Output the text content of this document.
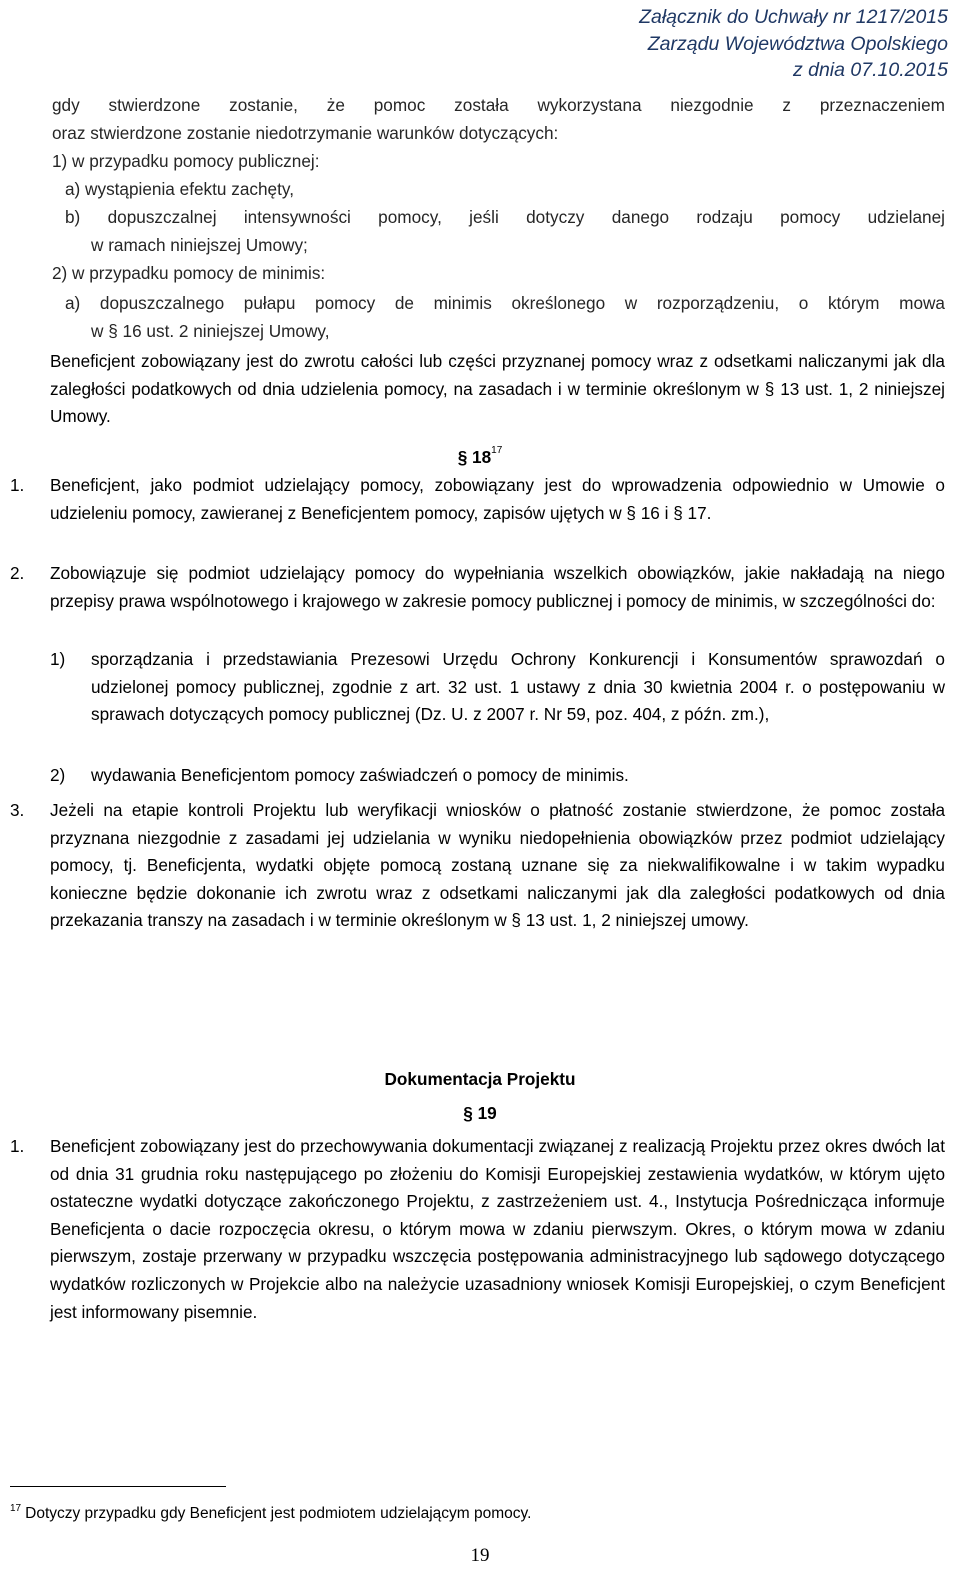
Załącznik do Uchwały nr 1217/2015
Zarządu Województwa Opolskiego
z dnia 07.10.2015
gdy stwierdzone zostanie, że pomoc została wykorzystana niezgodnie z przeznaczeniem
oraz stwierdzone zostanie niedotrzymanie warunków dotyczących:
1) w przypadku pomocy publicznej:
a) wystąpienia efektu zachęty,
b) dopuszczalnej intensywności pomocy, jeśli dotyczy danego rodzaju pomocy udzielanej
w ramach niniejszej Umowy;
2) w przypadku pomocy de minimis:
a) dopuszczalnego pułapu pomocy de minimis określonego w rozporządzeniu, o którym mowa
w § 16 ust. 2 niniejszej Umowy,
Beneficjent zobowiązany jest do zwrotu całości lub części przyznanej pomocy wraz z odsetkami naliczanymi jak dla zaległości podatkowych od dnia udzielenia pomocy, na zasadach i w terminie określonym w § 13 ust. 1, 2 niniejszej Umowy.
§ 18$^{17}$
1. Beneficjent, jako podmiot udzielający pomocy, zobowiązany jest do wprowadzenia odpowiednio w Umowie o udzieleniu pomocy, zawieranej z Beneficjentem pomocy, zapisów ujętych w § 16 i § 17.
2. Zobowiązuje się podmiot udzielający pomocy do wypełniania wszelkich obowiązków, jakie nakładają na niego przepisy prawa wspólnotowego i krajowego w zakresie pomocy publicznej i pomocy de minimis, w szczególności do:
1) sporządzania i przedstawiania Prezesowi Urzędu Ochrony Konkurencji i Konsumentów sprawozdań o udzielonej pomocy publicznej, zgodnie z art. 32 ust. 1 ustawy z dnia 30 kwietnia 2004 r. o postępowaniu w sprawach dotyczących pomocy publicznej (Dz. U. z 2007 r. Nr 59, poz. 404, z późn. zm.),
2) wydawania Beneficjentom pomocy zaświadczeń o pomocy de minimis.
3. Jeżeli na etapie kontroli Projektu lub weryfikacji wniosków o płatność zostanie stwierdzone, że pomoc została przyznana niezgodnie z zasadami jej udzielania w wyniku niedopełnienia obowiązków przez podmiot udzielający pomocy, tj. Beneficjenta, wydatki objęte pomocą zostaną uznane się za niekwalifikowalne i w takim wypadku konieczne będzie dokonanie ich zwrotu wraz z odsetkami naliczanymi jak dla zaległości podatkowych od dnia przekazania transzy na zasadach i w terminie określonym w § 13 ust. 1, 2 niniejszej umowy.
Dokumentacja Projektu
§ 19
1. Beneficjent zobowiązany jest do przechowywania dokumentacji związanej z realizacją Projektu przez okres dwóch lat od dnia 31 grudnia roku następującego po złożeniu do Komisji Europejskiej zestawienia wydatków, w którym ujęto ostateczne wydatki dotyczące zakończonego Projektu, z zastrzeżeniem ust. 4., Instytucja Pośrednicząca informuje Beneficjenta o dacie rozpoczęcia okresu, o którym mowa w zdaniu pierwszym. Okres, o którym mowa w zdaniu pierwszym, zostaje przerwany w przypadku wszczęcia postępowania administracyjnego lub sądowego dotyczącego wydatków rozliczonych w Projekcie albo na należycie uzasadniony wniosek Komisji Europejskiej, o czym Beneficjent jest informowany pisemnie.
$^{17}$ Dotyczy przypadku gdy Beneficjent jest podmiotem udzielającym pomocy.
19
